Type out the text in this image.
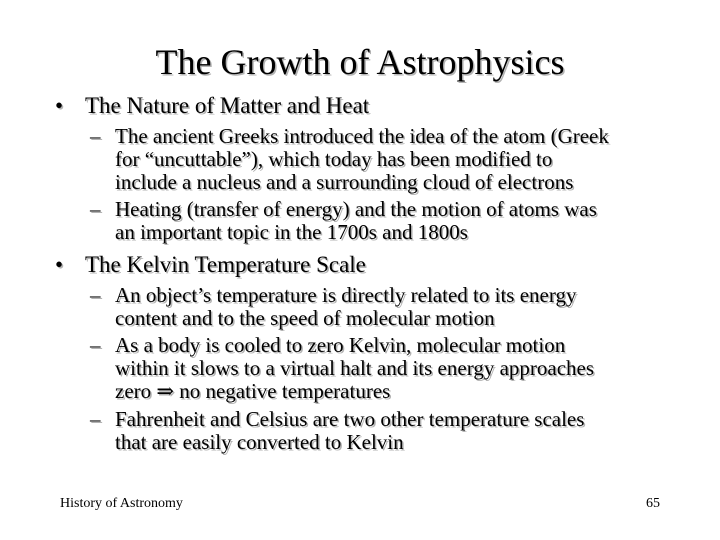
The Growth of Astrophysics
• The Nature of Matter and Heat
– The ancient Greeks introduced the idea of the atom (Greek
for “uncuttable”), which today has been modified to
include a nucleus and a surrounding cloud of electrons
– Heating (transfer of energy) and the motion of atoms was
an important topic in the 1700s and 1800s
• The Kelvin Temperature Scale
– An object’s temperature is directly related to its energy
content and to the speed of molecular motion
– As a body is cooled to zero Kelvin, molecular motion
within it slows to a virtual halt and its energy approaches
zero ⇒ no negative temperatures
– Fahrenheit and Celsius are two other temperature scales
that are easily converted to Kelvin
History of Astronomy	65
